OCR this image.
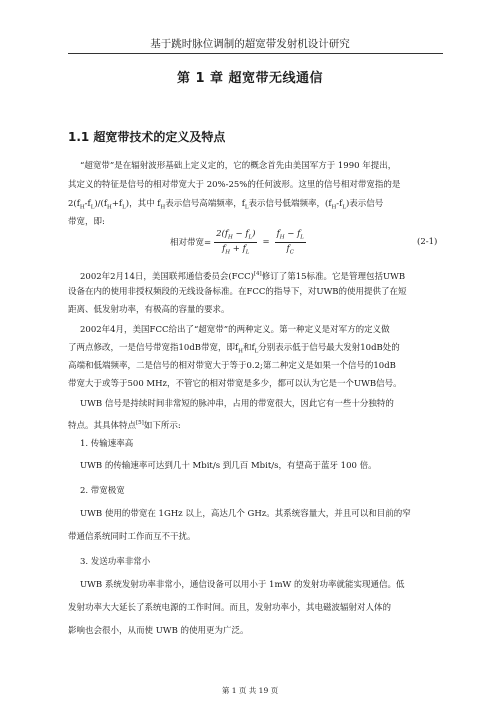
基于跳时脉位调制的超宽带发射机设计研究
第 1 章 超宽带无线通信
1.1 超宽带技术的定义及特点
“超宽带”是在辐射波形基础上定义定的，它的概念首先由美国军方于 1990 年提出，
其定义的特征是信号的相对带宽大于 20%-25%的任何波形。这里的信号相对带宽指的是
$2(f_H-f_L)/(f_H+f_L)$，其中 $f_H$表示信号高端频率，$f_L$表示信号低端频率，$(f_H-f_L)$表示信号
带宽，即:
相对带宽= $\frac{2(f_H - f_L)}{f_H + f_L} = \frac{f_H - f_L}{f_C}$	(2-1)
2002年2月14日，美国联邦通信委员会(FCC)[4]修订了第15标准。它是管理包括UWB
设备在内的使用非授权频段的无线设备标准。在FCC的指导下，对UWB的使用提供了在短
距离、低发射功率，有极高的容量的要求。
2002年4月，美国FCC给出了“超宽带”的两种定义。第一种定义是对军方的定义做
了两点修改，一是信号带宽指10dB带宽，即$f_H$和$f_L$分别表示低于信号最大发射10dB处的
高端和低端频率，二是信号的相对带宽大于等于0.2;第二种定义是如果一个信号的10dB
带宽大于或等于500 MHz，不管它的相对带宽是多少，都可以认为它是一个UWB信号。
UWB 信号是持续时间非常短的脉冲串，占用的带宽很大，因此它有一些十分独特的
特点。其具体特点[5]如下所示:
1. 传输速率高
UWB 的传输速率可达到几十 Mbit/s 到几百 Mbit/s，有望高于蓝牙 100 倍。
2. 带宽极宽
UWB 使用的带宽在 1GHz 以上，高达几个 GHz。其系统容量大，并且可以和目前的窄
带通信系统同时工作而互不干扰。
3. 发送功率非常小
UWB 系统发射功率非常小，通信设备可以用小于 1mW 的发射功率就能实现通信。低
发射功率大大延长了系统电源的工作时间。而且，发射功率小，其电磁波辐射对人体的
影响也会很小，从而使 UWB 的使用更为广泛。
第 1 页 共 19 页
